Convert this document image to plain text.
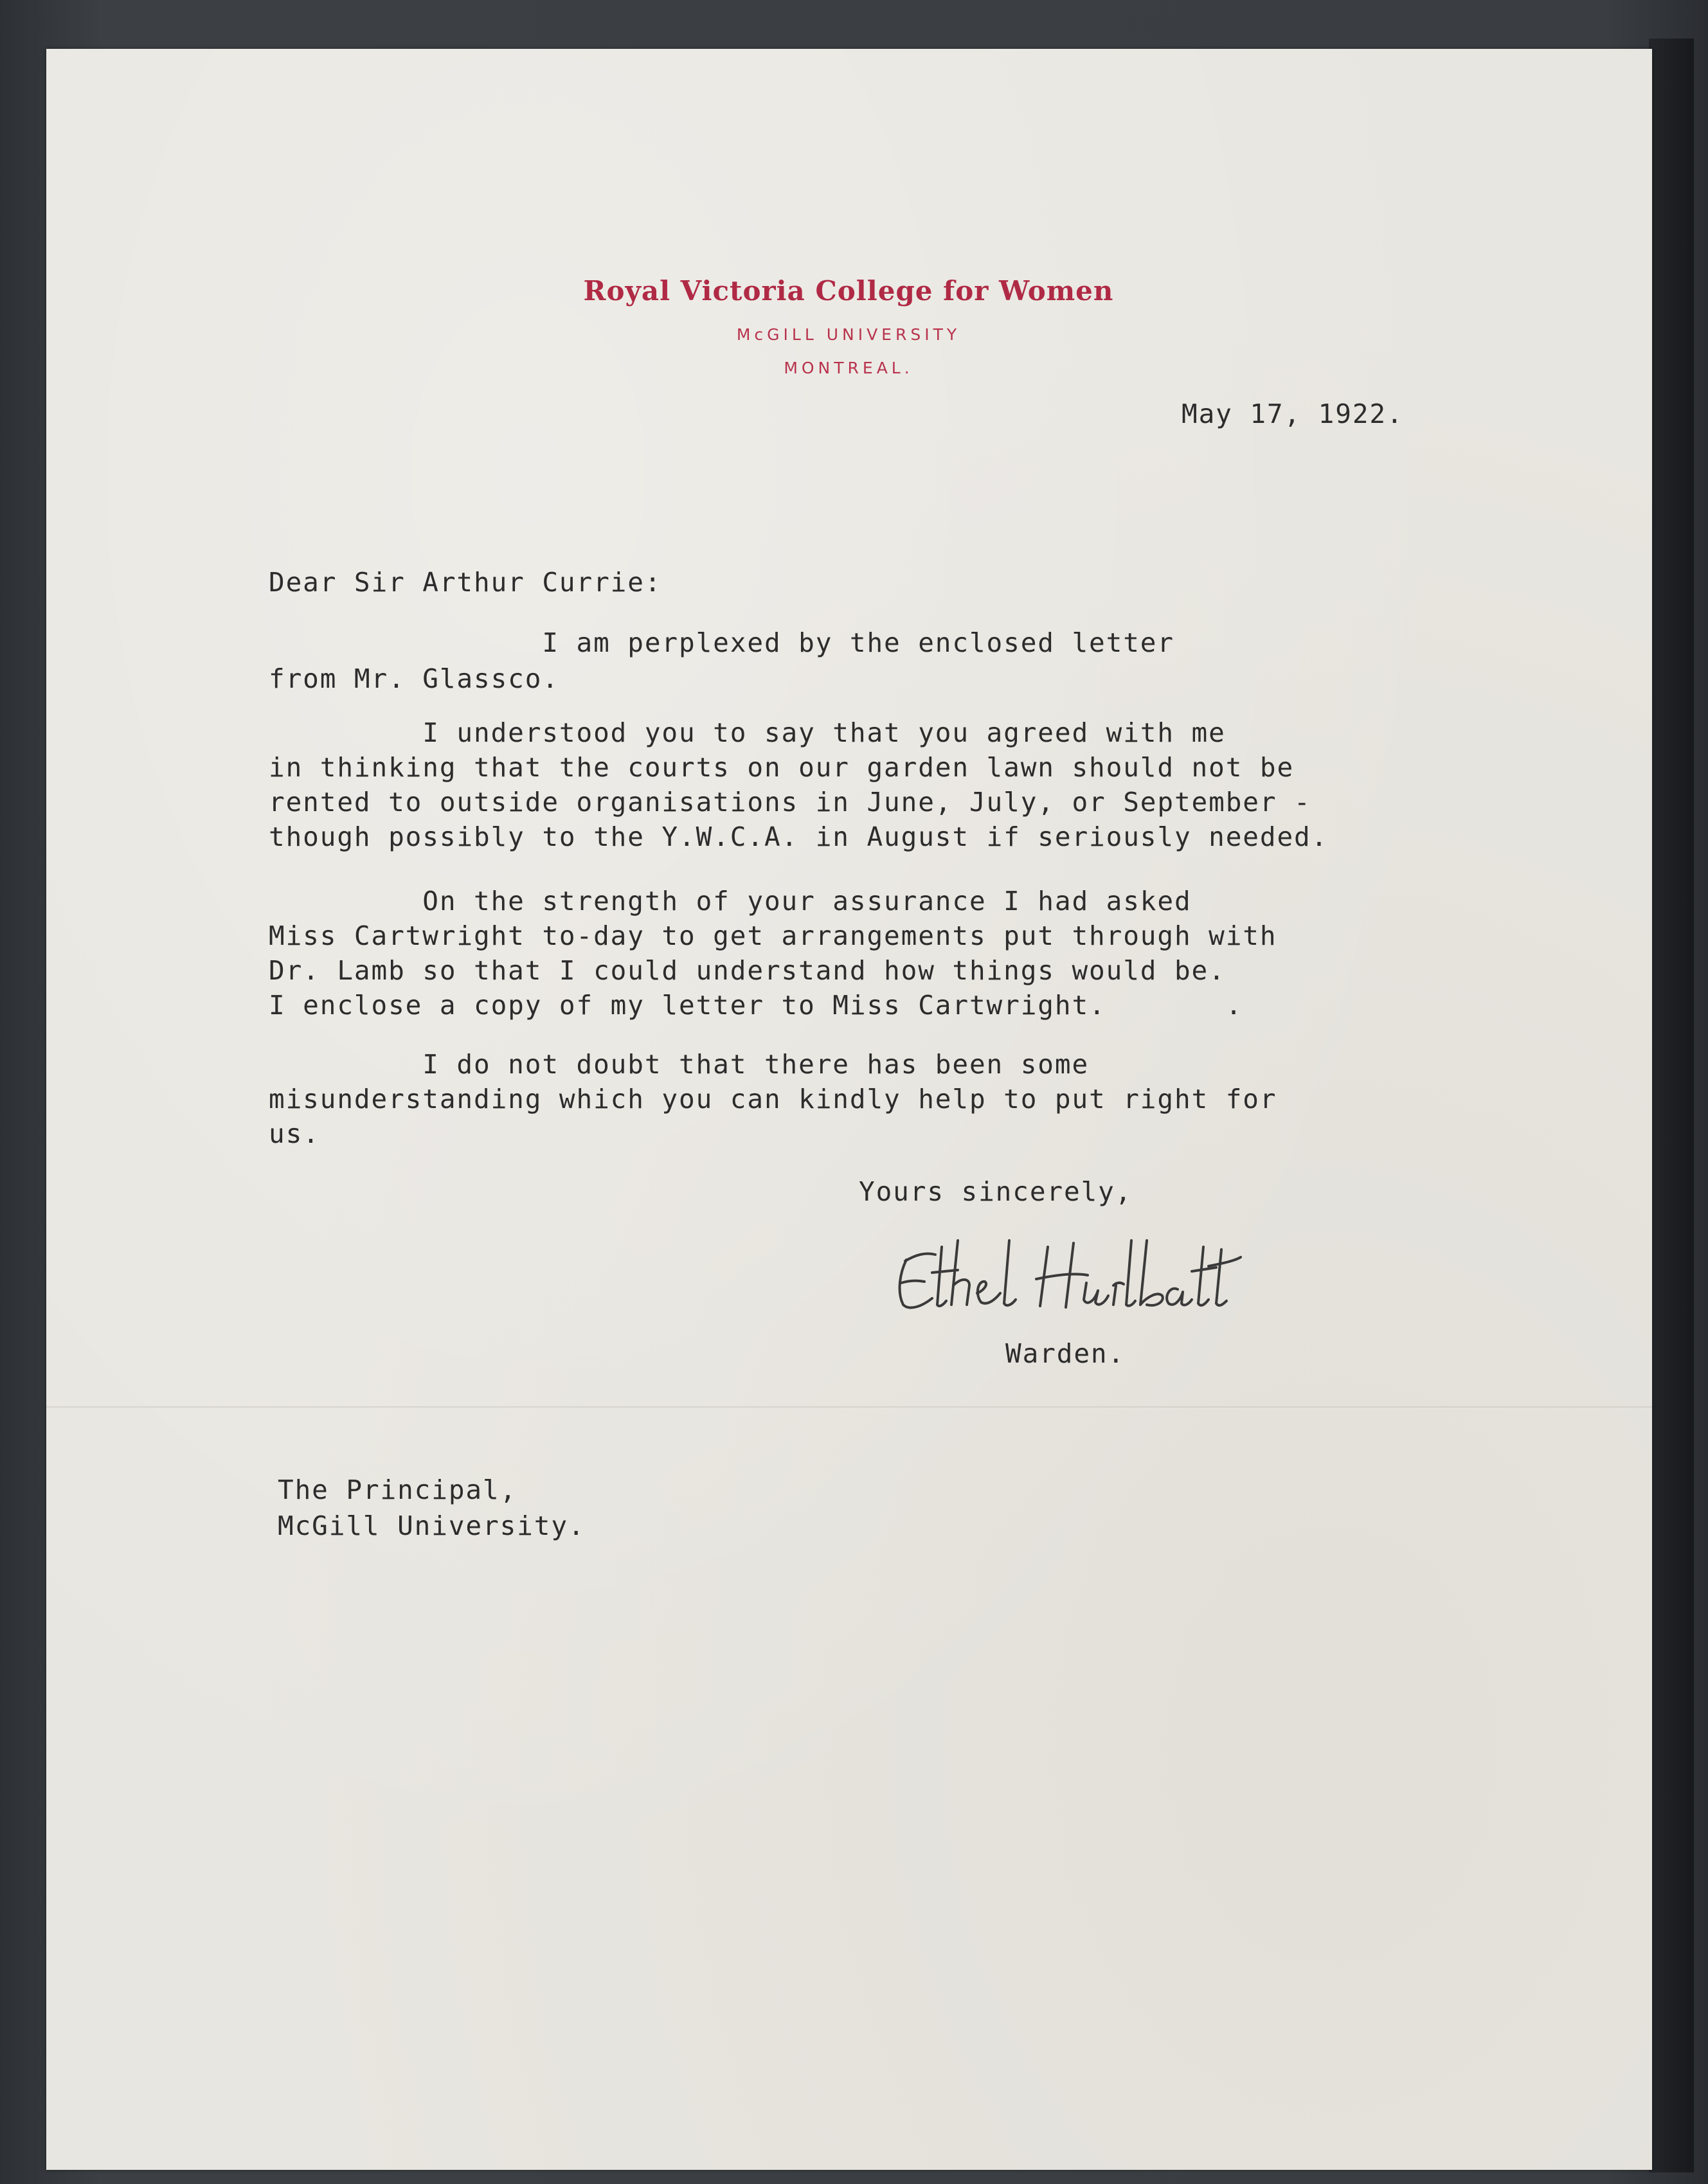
Royal Victoria College for Women
McGILL UNIVERSITY
MONTREAL.
May 17, 1922.
Dear Sir Arthur Currie:
I am perplexed by the enclosed letter
from Mr. Glassco.
I understood you to say that you agreed with me
in thinking that the courts on our garden lawn should not be
rented to outside organisations in June, July, or September -
though possibly to the Y.W.C.A. in August if seriously needed.
On the strength of your assurance I had asked
Miss Cartwright to-day to get arrangements put through with
Dr. Lamb so that I could understand how things would be.
I enclose a copy of my letter to Miss Cartwright.       .
I do not doubt that there has been some
misunderstanding which you can kindly help to put right for
us.
Yours sincerely,
Warden.
The Principal,
McGill University.
